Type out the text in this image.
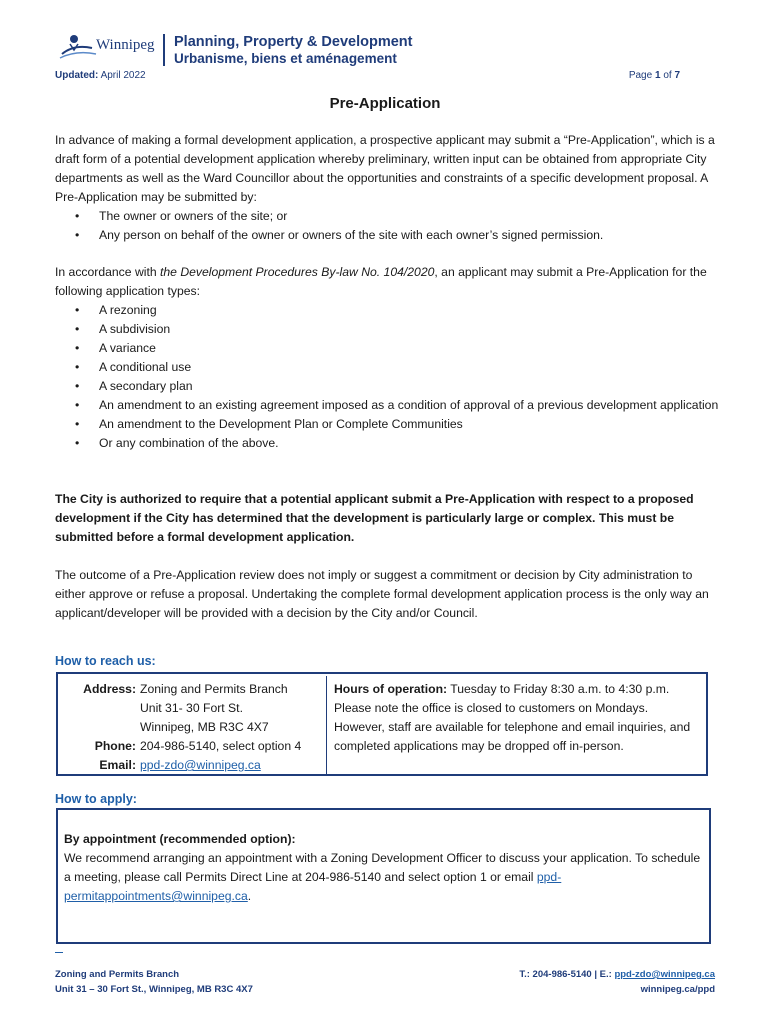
Winnipeg Planning, Property & Development
Urbanisme, biens et aménagement
Updated: April 2022	Page 1 of 7
Pre-Application

In advance of making a formal development application, a prospective applicant may submit a “Pre-Application”, which is a draft form of a potential development application whereby preliminary, written input can be obtained from appropriate City departments as well as the Ward Councillor about the opportunities and constraints of a specific development proposal. A Pre-Application may be submitted by:

• The owner or owners of the site; or
• Any person on behalf of the owner or owners of the site with each owner’s signed permission.

In accordance with the Development Procedures By-law No. 104/2020, an applicant may submit a Pre-Application for the following application types:

• A rezoning
• A subdivision
• A variance
• A conditional use
• A secondary plan
• An amendment to an existing agreement imposed as a condition of approval of a previous development application
• An amendment to the Development Plan or Complete Communities
• Or any combination of the above.
The City is authorized to require that a potential applicant submit a Pre-Application with respect to a proposed development if the City has determined that the development is particularly large or complex. This must be submitted before a formal development application.
The outcome of a Pre-Application review does not imply or suggest a commitment or decision by City administration to either approve or refuse a proposal. Undertaking the complete formal development application process is the only way an applicant/developer will be provided with a decision by the City and/or Council.
How to reach us:
Address: Zoning and Permits Branch
Unit 31- 30 Fort St.
Winnipeg, MB R3C 4X7
Phone: 204-986-5140, select option 4
Email: ppd-zdo@winnipeg.ca
Hours of operation: Tuesday to Friday 8:30 a.m. to 4:30 p.m. Please note the office is closed to customers on Mondays. However, staff are available for telephone and email inquiries, and completed applications may be dropped off in-person.
How to apply:
By appointment (recommended option):
We recommend arranging an appointment with a Zoning Development Officer to discuss your application. To schedule a meeting, please call Permits Direct Line at 204-986-5140 and select option 1 or email ppd-permitappointments@winnipeg.ca.
Zoning and Permits Branch
Unit 31 – 30 Fort St., Winnipeg, MB R3C 4X7
T.: 204-986-5140 | E.: ppd-zdo@winnipeg.ca
winnipeg.ca/ppd
